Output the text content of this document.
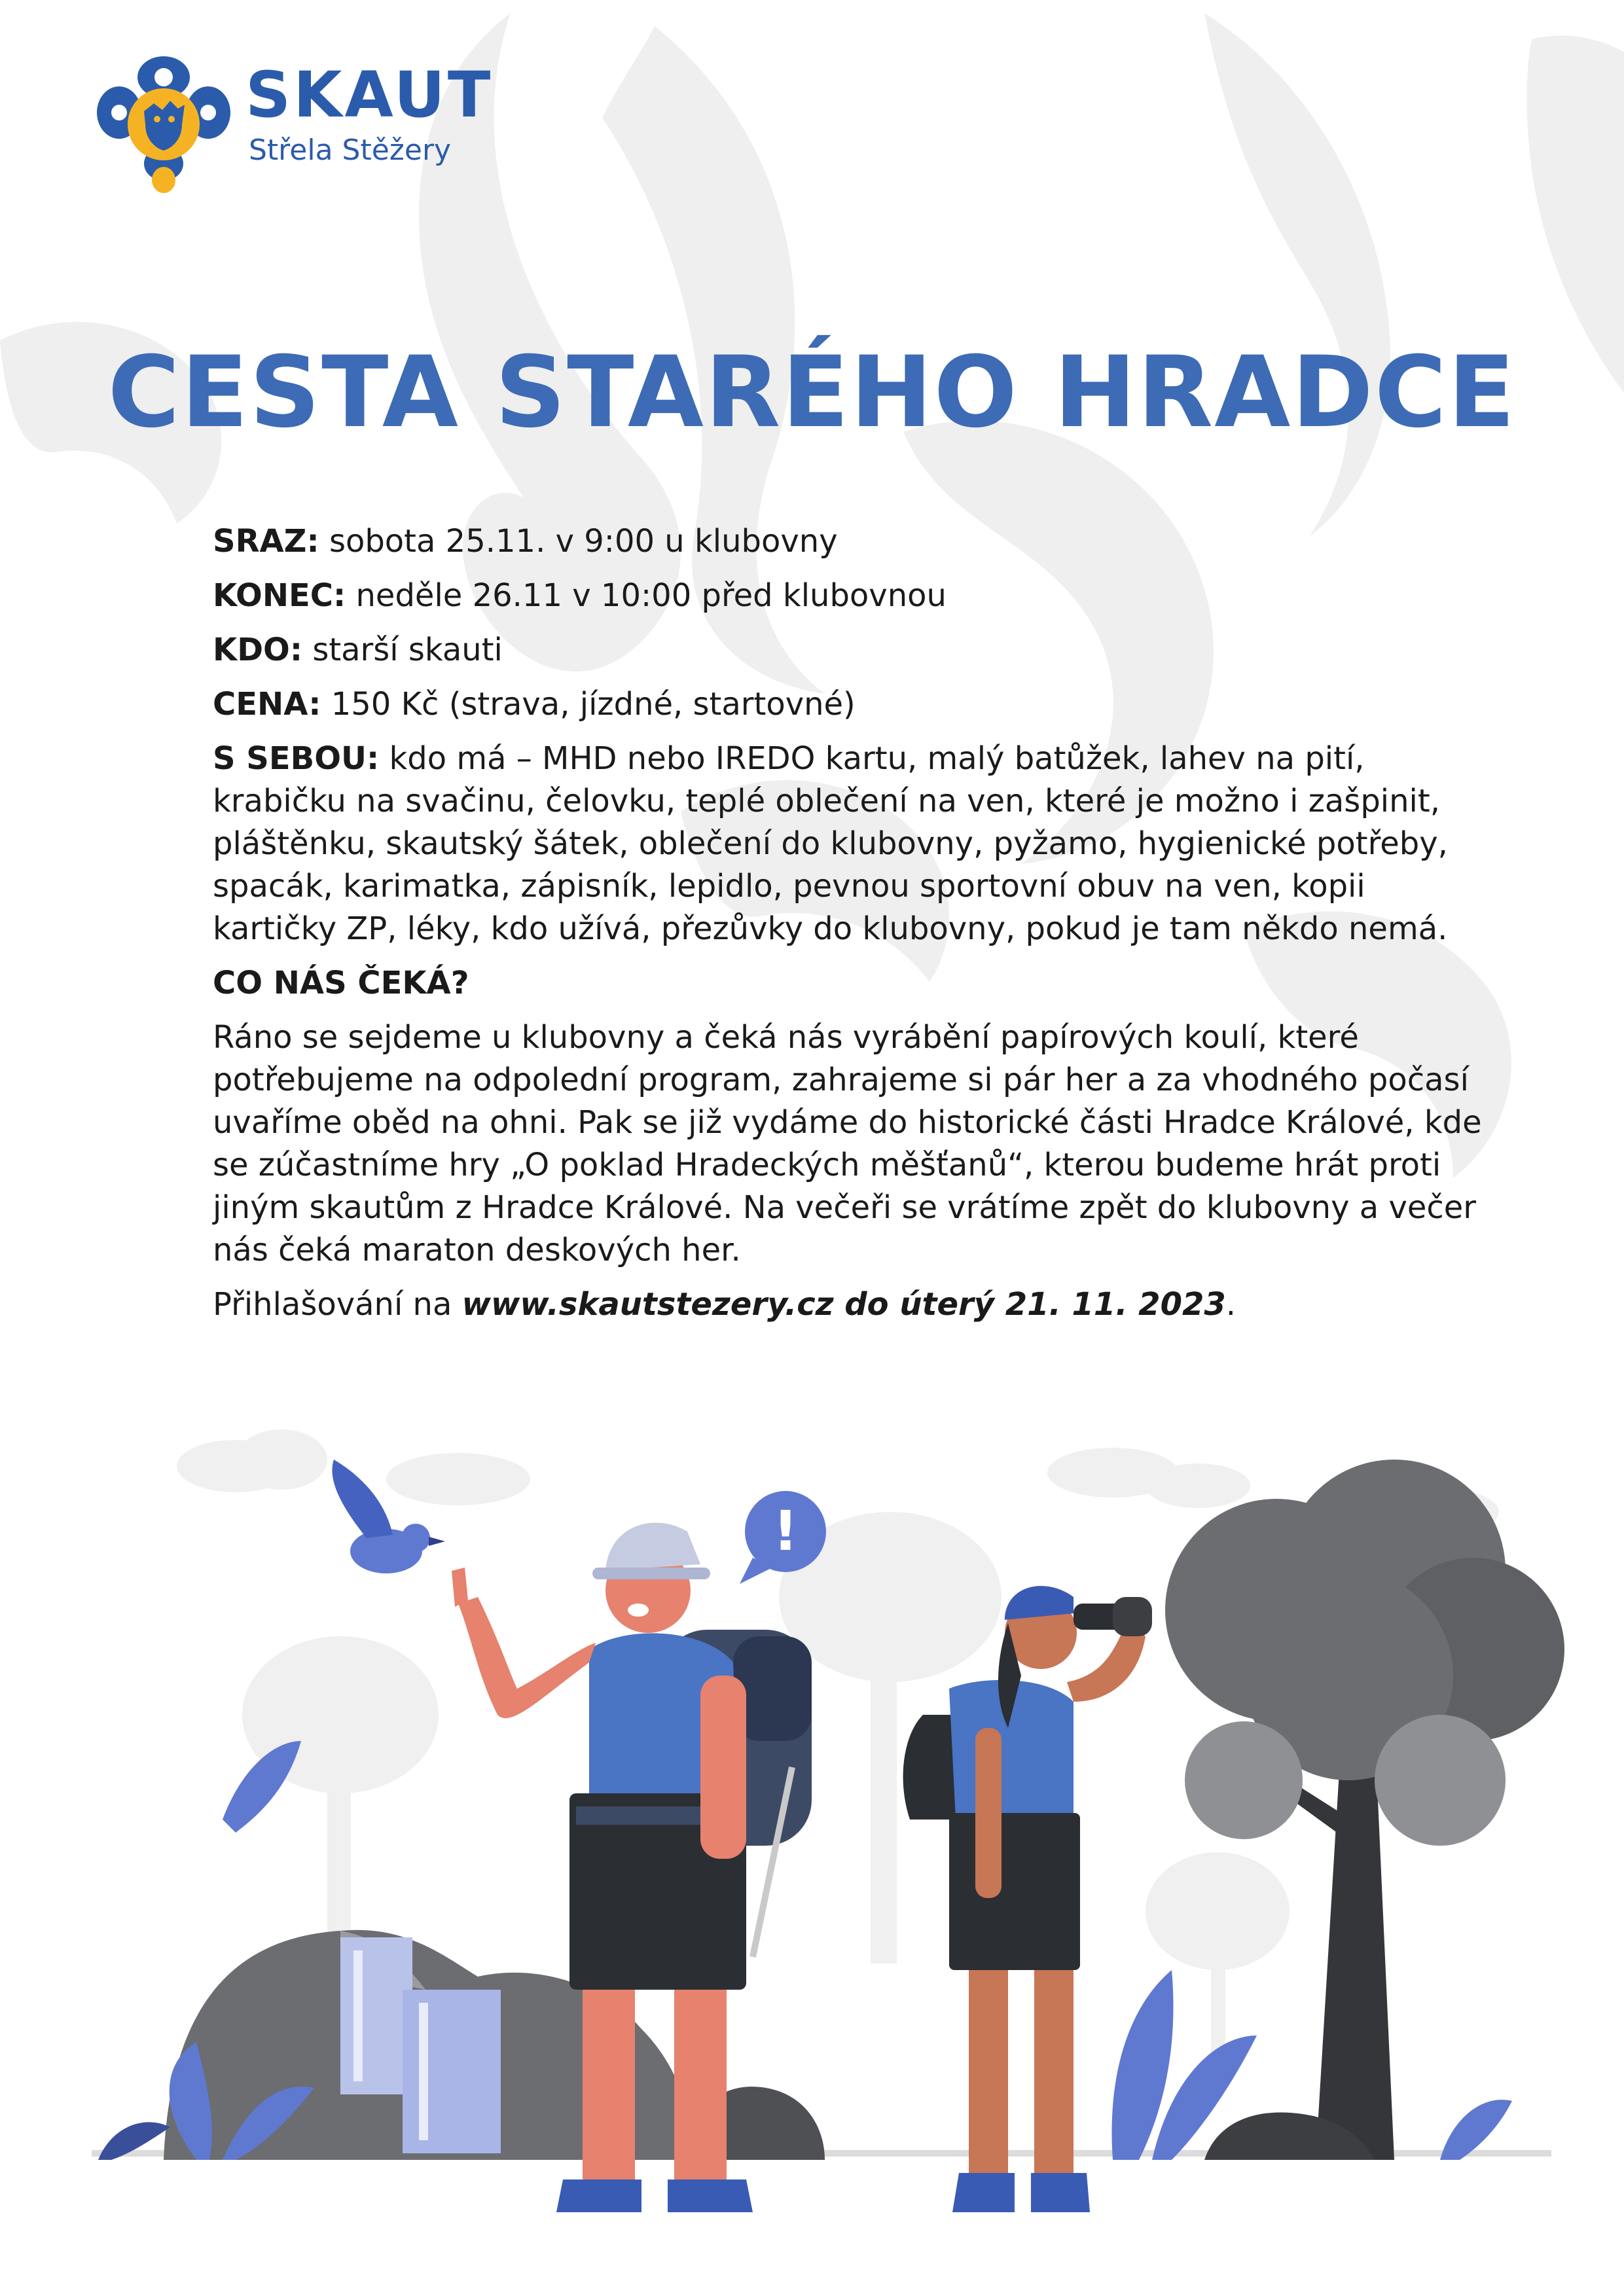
SKAUT
Střela Stěžery
CESTA STARÉHO HRADCE

SRAZ: sobota 25.11. v 9:00 u klubovny

KONEC: neděle 26.11 v 10:00 před klubovnou

KDO: starší skauti

CENA: 150 Kč (strava, jízdné, startovné)

S SEBOU: kdo má – MHD nebo IREDO kartu, malý batůžek, lahev na pití, krabičku na svačinu, čelovku, teplé oblečení na ven, které je možno i zašpinit, pláštěnku, skautský šátek, oblečení do klubovny, pyžamo, hygienické potřeby, spacák, karimatka, zápisník, lepidlo, pevnou sportovní obuv na ven, kopii kartičky ZP, léky, kdo užívá, přezůvky do klubovny, pokud je tam někdo nemá.

CO NÁS ČEKÁ?

Ráno se sejdeme u klubovny a čeká nás vyrábění papírových koulí, které potřebujeme na odpolední program, zahrajeme si pár her a za vhodného počasí uvaříme oběd na ohni. Pak se již vydáme do historické části Hradce Králové, kde se zúčastníme hry „O poklad Hradeckých měšťanů“, kterou budeme hrát proti jiným skautům z Hradce Králové. Na večeři se vrátíme zpět do klubovny a večer nás čeká maraton deskových her.

Přihlašování na www.skautstezery.cz do úterý 21. 11. 2023.

!
